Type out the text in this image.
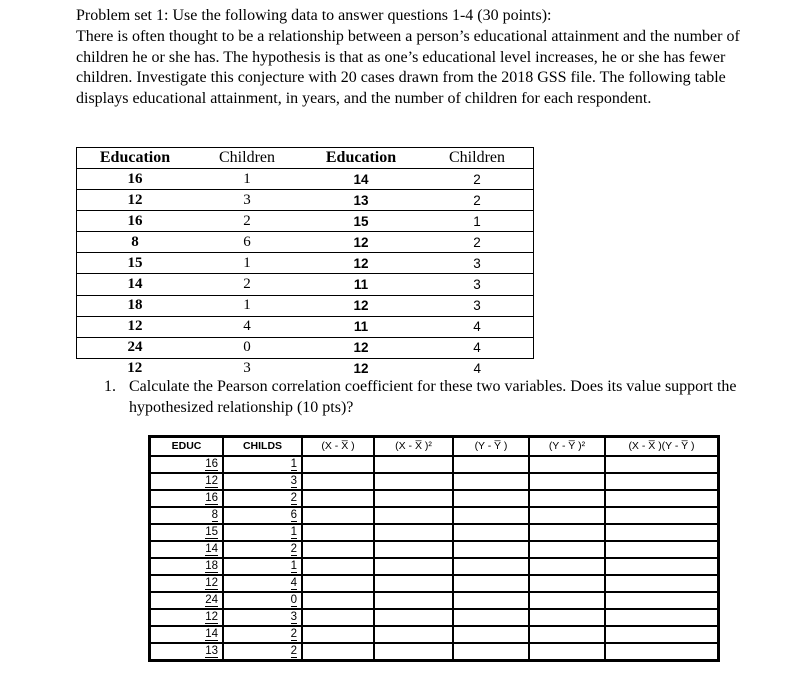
Problem set 1: Use the following data to answer questions 1-4 (30 points):

There is often thought to be a relationship between a person’s educational attainment and the number of children he or she has. The hypothesis is that as one’s educational level increases, he or she has fewer children. Investigate this conjecture with 20 cases drawn from the 2018 GSS file. The following table displays educational attainment, in years, and the number of children for each respondent.

Education	Children	Education	Children
16	1	14	2
12	3	13	2
16	2	15	1
8	6	12	2
15	1	12	3
14	2	11	3
18	1	12	3
12	4	11	4
24	0	12	4
12	3	12	4
1. Calculate the Pearson correlation coefficient for these two variables. Does its value support the hypothesized relationship (10 pts)?
EDUC	CHILDS	(X - X̅ )	(X - X̅ )²	(Y - Y̅ )	(Y - Y̅ )²	(X - X̅ )(Y - Y̅ )
16	1					
12	3					
16	2					
8	6					
15	1					
14	2					
18	1					
12	4					
24	0					
12	3					
14	2					
13	2					
